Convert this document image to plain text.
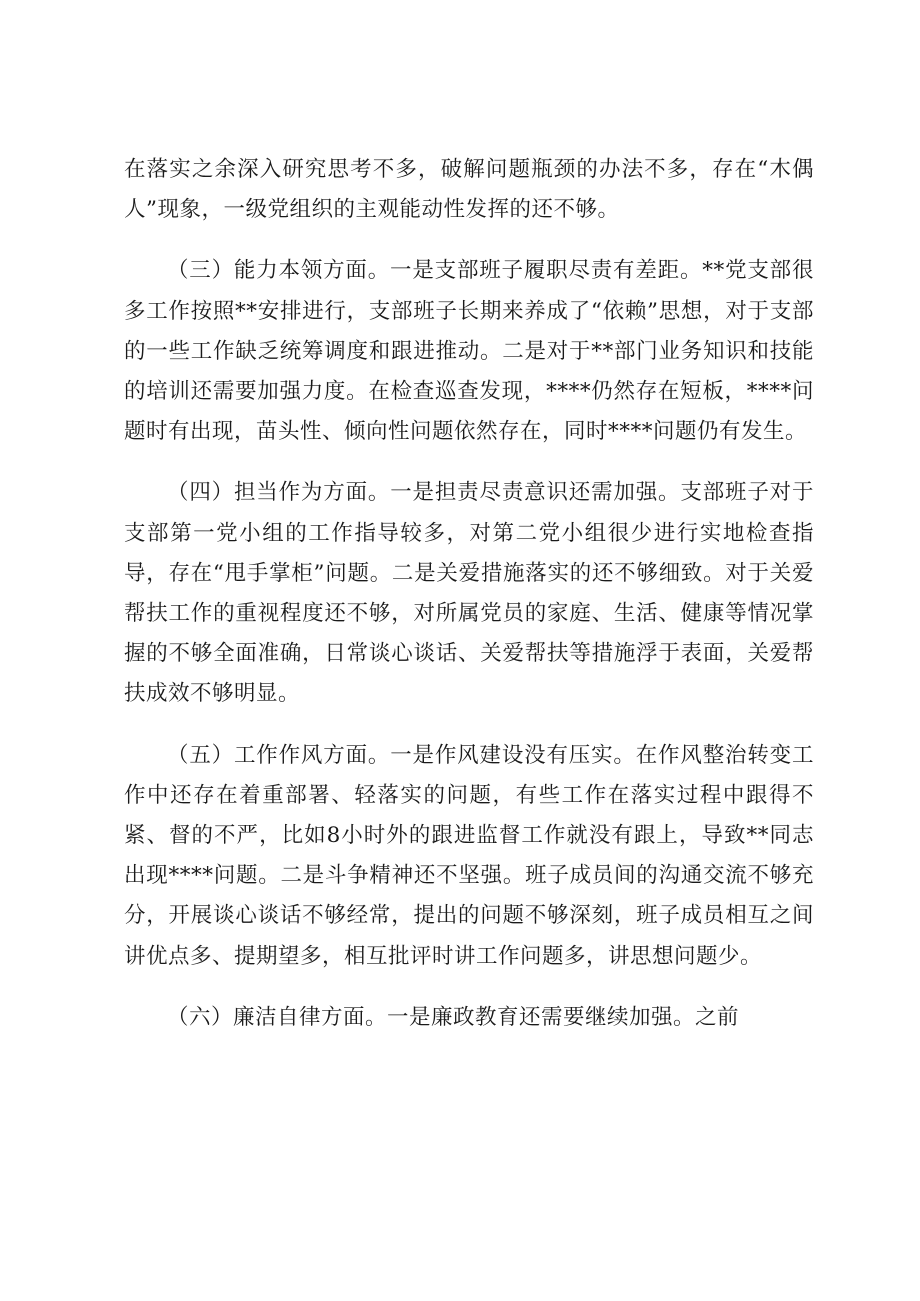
在落实之余深入研究思考不多，破解问题瓶颈的办法不多，存在“木偶人”现象，一级党组织的主观能动性发挥的还不够。

（三）能力本领方面。一是支部班子履职尽责有差距。**党支部很多工作按照**安排进行，支部班子长期来养成了“依赖”思想，对于支部的一些工作缺乏统筹调度和跟进推动。二是对于**部门业务知识和技能的培训还需要加强力度。在检查巡查发现，****仍然存在短板，****问题时有出现，苗头性、倾向性问题依然存在，同时****问题仍有发生。

（四）担当作为方面。一是担责尽责意识还需加强。支部班子对于支部第一党小组的工作指导较多，对第二党小组很少进行实地检查指导，存在“甩手掌柜”问题。二是关爱措施落实的还不够细致。对于关爱帮扶工作的重视程度还不够，对所属党员的家庭、生活、健康等情况掌握的不够全面准确，日常谈心谈话、关爱帮扶等措施浮于表面，关爱帮扶成效不够明显。

（五）工作作风方面。一是作风建设没有压实。在作风整治转变工作中还存在着重部署、轻落实的问题，有些工作在落实过程中跟得不紧、督的不严，比如8小时外的跟进监督工作就没有跟上，导致**同志出现****问题。二是斗争精神还不坚强。班子成员间的沟通交流不够充分，开展谈心谈话不够经常，提出的问题不够深刻，班子成员相互之间讲优点多、提期望多，相互批评时讲工作问题多，讲思想问题少。

（六）廉洁自律方面。一是廉政教育还需要继续加强。之前
